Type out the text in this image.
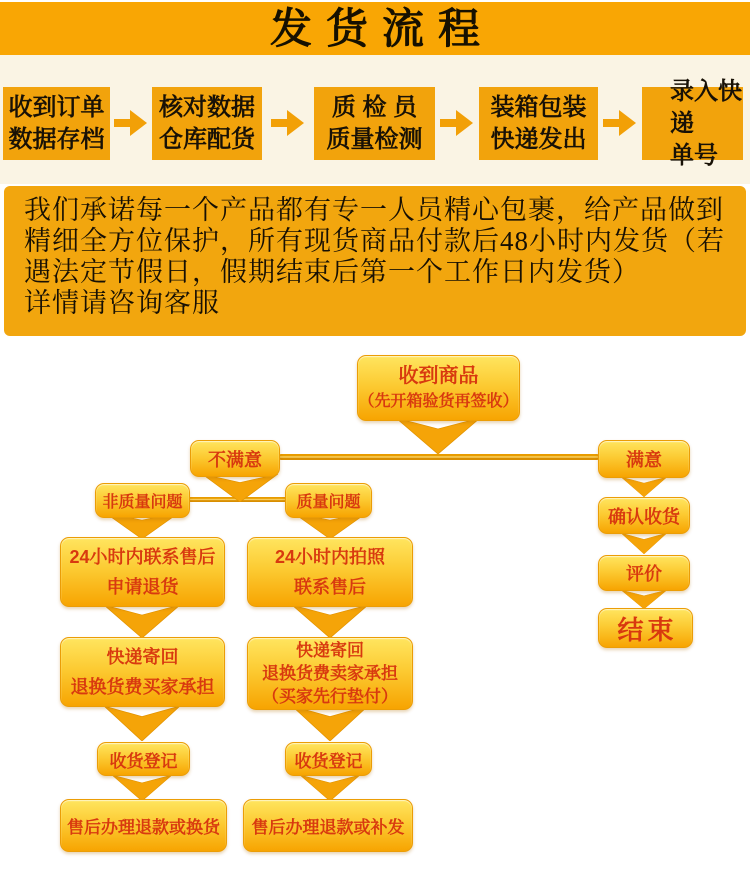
发货流程
收到订单
数据存档
核对数据
仓库配货
质 检 员
质量检测
装箱包装
快递发出
录入快递
单号
我们承诺每一个产品都有专一人员精心包裹，给产品做到
精细全方位保护，所有现货商品付款后48小时内发货（若
遇法定节假日，假期结束后第一个工作日内发货）
详情请咨询客服
收到商品
（先开箱验货再签收）
不满意	满意
非质量问题	质量问题
确认收货
评价
结束
24小时内联系售后
申请退货
24小时内拍照
联系售后
快递寄回
退换货费买家承担
快递寄回
退换货费卖家承担
（买家先行垫付）
收货登记	收货登记
售后办理退款或换货 售后办理退款或补发
